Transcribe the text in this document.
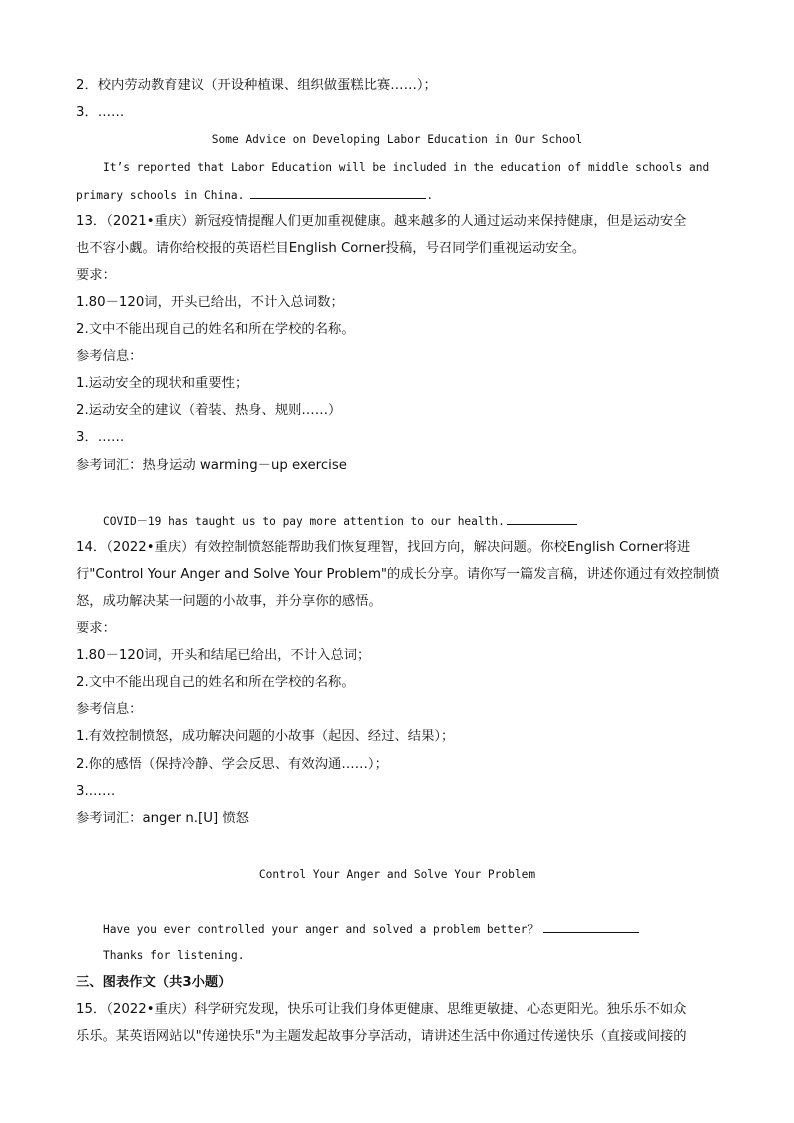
2．校内劳动教育建议（开设种植课、组织做蛋糕比赛……）；
3．……
Some Advice on Developing Labor Education in Our School
It’s reported that Labor Education will be included in the education of middle schools and
primary schools in China.	.
13．（2021•重庆）新冠疫情提醒人们更加重视健康。越来越多的人通过运动来保持健康，但是运动安全
也不容小觑。请你给校报的英语栏目English Corner投稿，号召同学们重视运动安全。
要求：
1.80－120词，开头已给出，不计入总词数；
2.文中不能出现自己的姓名和所在学校的名称。
参考信息：
1.运动安全的现状和重要性；
2.运动安全的建议（着装、热身、规则……）
3．……
参考词汇：热身运动 warming－up exercise
COVID－19 has taught us to pay more attention to our health.
14．（2022•重庆）有效控制愤怒能帮助我们恢复理智，找回方向，解决问题。你校English Corner将进
行"Control Your Anger and Solve Your Problem"的成长分享。请你写一篇发言稿，讲述你通过有效控制愤
怒，成功解决某一问题的小故事，并分享你的感悟。
要求：
1.80－120词，开头和结尾已给出，不计入总词；
2.文中不能出现自己的姓名和所在学校的名称。
参考信息：
1.有效控制愤怒，成功解决问题的小故事（起因、经过、结果）；
2.你的感悟（保持冷静、学会反思、有效沟通……）；
3.……
参考词汇：anger n.[U] 愤怒
Control Your Anger and Solve Your Problem
Have you ever controlled your anger and solved a problem better？
Thanks for listening.
三、图表作文（共3小题）
15．（2022•重庆）科学研究发现，快乐可让我们身体更健康、思维更敏捷、心态更阳光。独乐乐不如众
乐乐。某英语网站以"传递快乐"为主题发起故事分享活动，请讲述生活中你通过传递快乐（直接或间接的
